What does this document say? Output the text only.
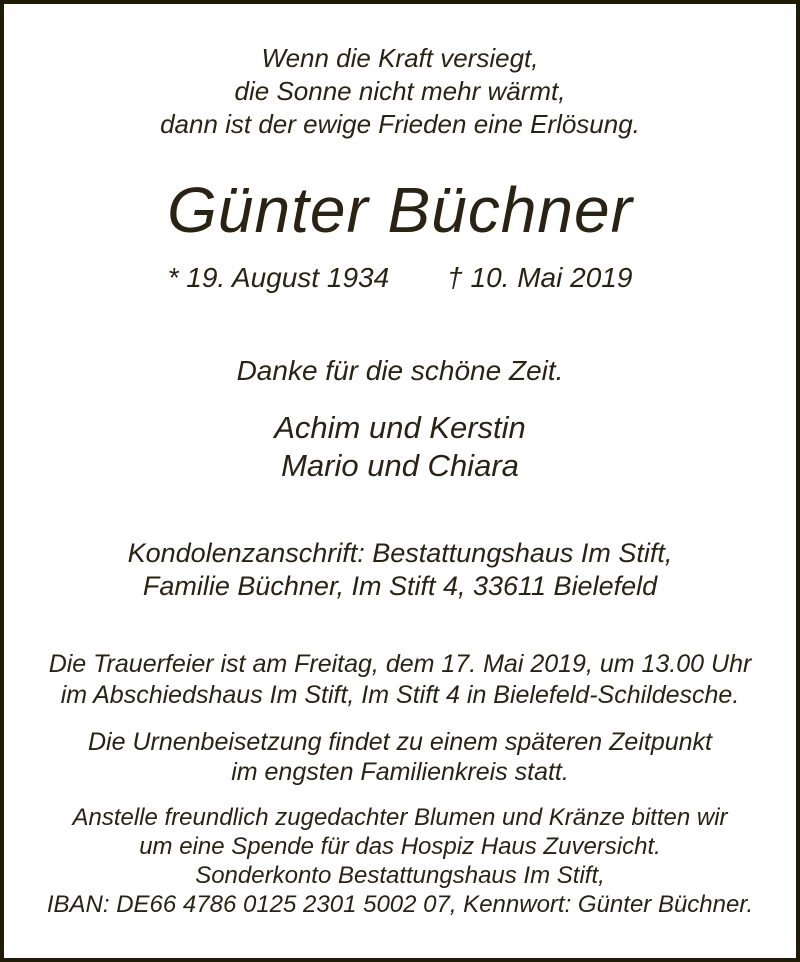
Wenn die Kraft versiegt,
die Sonne nicht mehr wärmt,
dann ist der ewige Frieden eine Erlösung.
Günter Büchner
* 19. August 1934 † 10. Mai 2019
Danke für die schöne Zeit.
Achim und Kerstin
Mario und Chiara
Kondolenzanschrift: Bestattungshaus Im Stift,
Familie Büchner, Im Stift 4, 33611 Bielefeld
Die Trauerfeier ist am Freitag, dem 17. Mai 2019, um 13.00 Uhr
im Abschiedshaus Im Stift, Im Stift 4 in Bielefeld-Schildesche.
Die Urnenbeisetzung findet zu einem späteren Zeitpunkt
im engsten Familienkreis statt.
Anstelle freundlich zugedachter Blumen und Kränze bitten wir
um eine Spende für das Hospiz Haus Zuversicht.
Sonderkonto Bestattungshaus Im Stift,
IBAN: DE66 4786 0125 2301 5002 07, Kennwort: Günter Büchner.
